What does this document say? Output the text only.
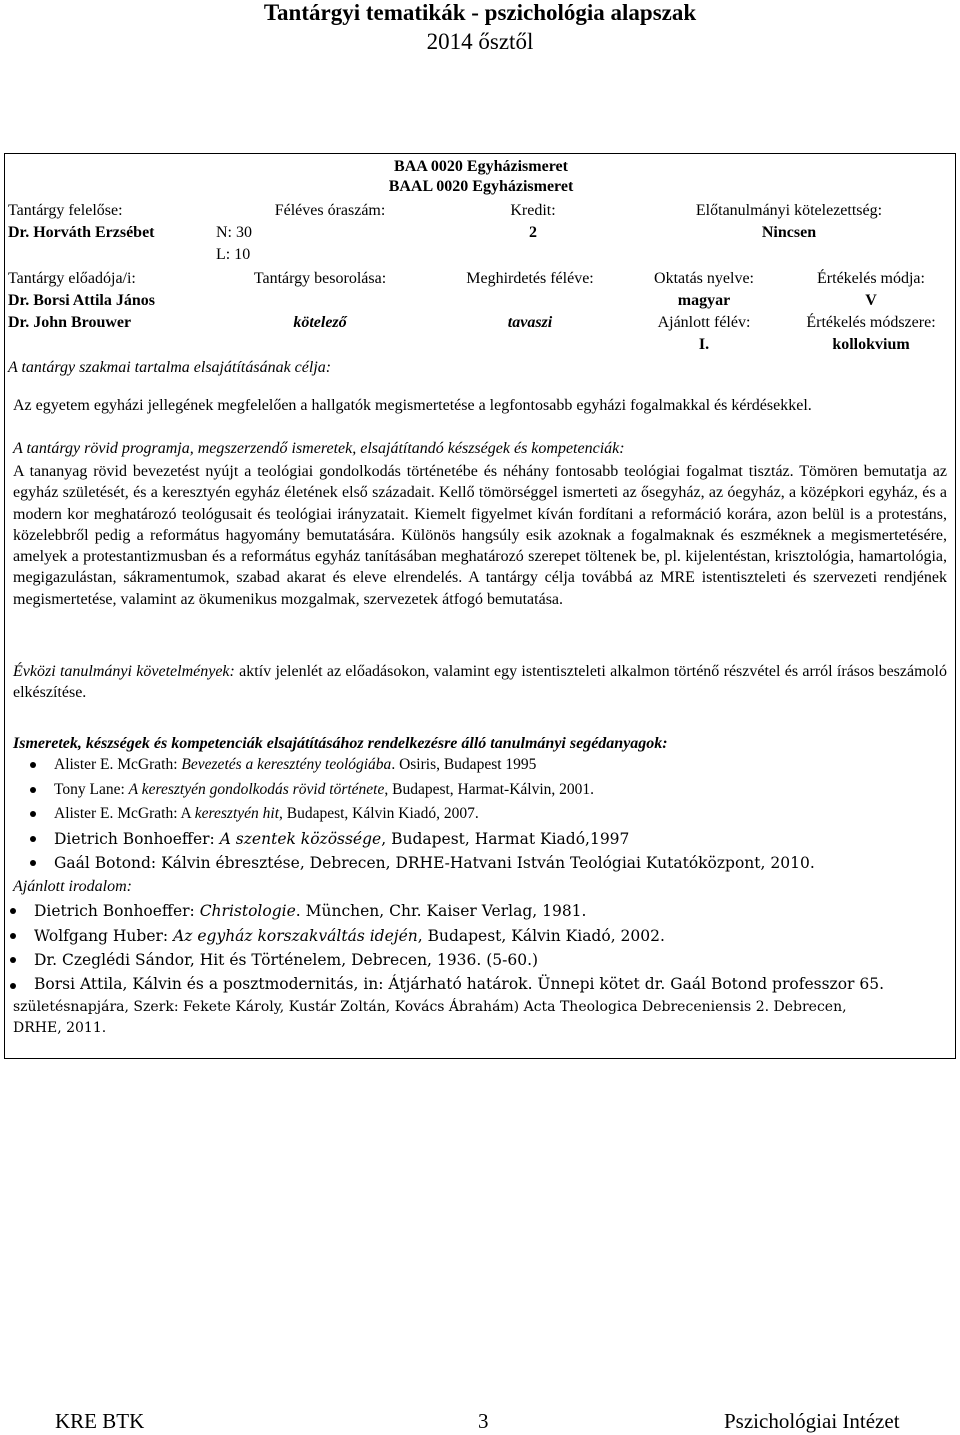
Tantárgyi tematikák - pszichológia alapszak
2014 ősztől
BAA 0020 Egyházismeret
BAAL 0020 Egyházismeret
Tantárgy felelőse:
Dr. Horváth Erzsébet
Féléves óraszám:
N: 30
L: 10
Kredit:
2
Előtanulmányi kötelezettség:
Nincsen
Tantárgy előadója/i:
Dr. Borsi Attila János
Dr. John Brouwer
Tantárgy besorolása:
kötelező
Meghirdetés féléve:
tavaszi
Oktatás nyelve:
magyar
Ajánlott félév:
I.
Értékelés módja:
V
Értékelés módszere:
kollokvium
A tantárgy szakmai tartalma elsajátításának célja:
Az egyetem egyházi jellegének megfelelően a hallgatók megismertetése a legfontosabb egyházi fogalmakkal és kérdésekkel.
A tantárgy rövid programja, megszerzendő ismeretek, elsajátítandó készségek és kompetenciák:
A tananyag rövid bevezetést nyújt a teológiai gondolkodás történetébe és néhány fontosabb teológiai fogalmat tisztáz. Tömören bemutatja az egyház születését, és a keresztyén egyház életének első századait. Kellő tömörséggel ismerteti az ősegyház, az óegyház, a középkori egyház, és a modern kor meghatározó teológusait és teológiai irányzatait. Kiemelt figyelmet kíván fordítani a reformáció korára, azon belül is a protestáns, közelebbről pedig a református hagyomány bemutatására. Különös hangsúly esik azoknak a fogalmaknak és eszméknek a megismertetésére, amelyek a protestantizmusban és a református egyház tanításában meghatározó szerepet töltenek be, pl. kijelentéstan, krisztológia, hamartológia, megigazulástan, sákramentumok, szabad akarat és eleve elrendelés. A tantárgy célja továbbá az MRE istentiszteleti és szervezeti rendjének megismertetése, valamint az ökumenikus mozgalmak, szervezetek átfogó bemutatása.
Évközi tanulmányi követelmények: aktív jelenlét az előadásokon, valamint egy istentiszteleti alkalmon történő részvétel és arról írásos beszámoló elkészítése.
Ismeretek, készségek és kompetenciák elsajátításához rendelkezésre álló tanulmányi segédanyagok:
Alister E. McGrath: Bevezetés a keresztény teológiába. Osiris, Budapest 1995
Tony Lane: A keresztyén gondolkodás rövid története, Budapest, Harmat-Kálvin, 2001.
Alister E. McGrath: A keresztyén hit, Budapest, Kálvin Kiadó, 2007.
Dietrich Bonhoeffer: A szentek közössége, Budapest, Harmat Kiadó,1997
Gaál Botond: Kálvin ébresztése, Debrecen, DRHE-Hatvani István Teológiai Kutatóközpont, 2010.
Ajánlott irodalom:
Dietrich Bonhoeffer: Christologie. München, Chr. Kaiser Verlag, 1981.
Wolfgang Huber: Az egyház korszakváltás idején, Budapest, Kálvin Kiadó, 2002.
Dr. Czeglédi Sándor, Hit és Történelem, Debrecen, 1936. (5-60.)
Borsi Attila, Kálvin és a posztmodernitás, in: Átjárható határok. Ünnepi kötet dr. Gaál Botond professzor 65.
születésnapjára, Szerk: Fekete Károly, Kustár Zoltán, Kovács Ábrahám) Acta Theologica Debreceniensis 2. Debrecen,
DRHE, 2011.
KRE BTK	3	Pszichológiai Intézet
